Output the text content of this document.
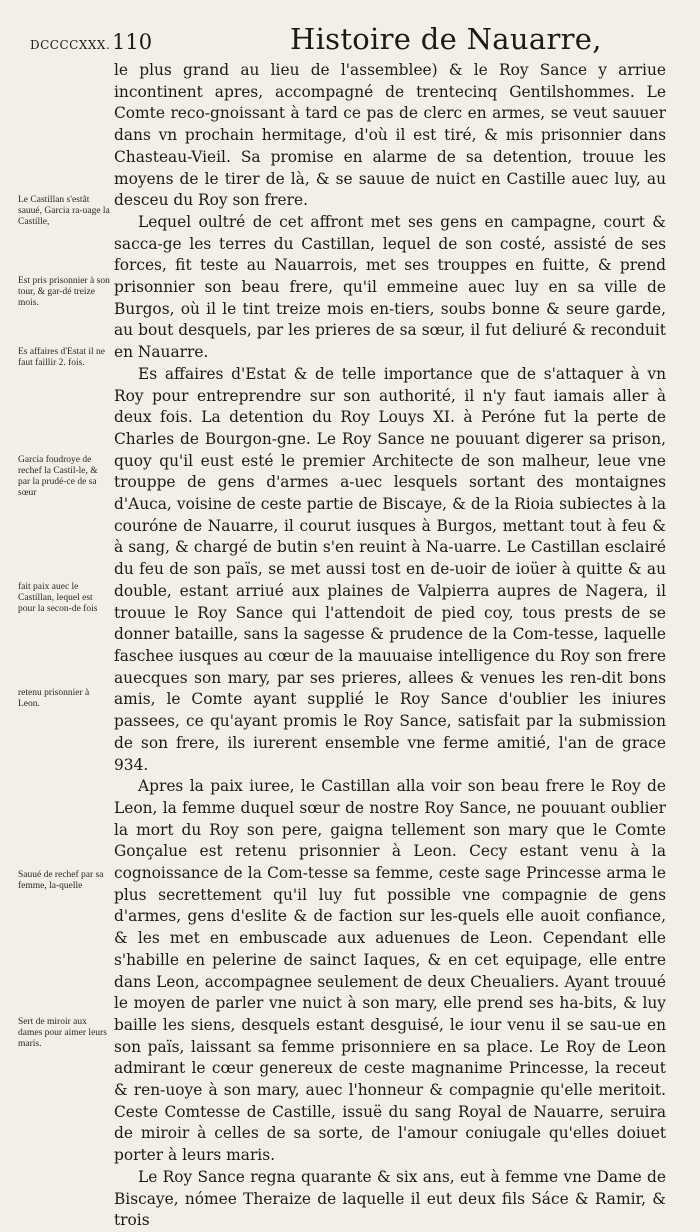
DCCCCXXX. 110	Histoire de Nauarre,
Le Castillan s'estãt sauué, Garcia ra-uage la Castille,
Est pris prisonnier à son tour, & gar-dé treize mois.
Es affaires d'Estat il ne faut faillir 2. fois.
Garcia foudroye de rechef la Castil-le, & par la prudé-ce de sa sœur
fait paix auec le Castillan, lequel est pour la secon-de fois
retenu prisonnier à Leon.
Sauué de rechef par sa femme, la-quelle
Sert de miroir aux dames pour aimer leurs maris.

le plus grand au lieu de l'assemblee) & le Roy Sance y arriue incontinent apres, accompagné de trentecinq Gentilshommes. Le Comte reco-gnoissant à tard ce pas de clerc en armes, se veut sauuer dans vn prochain hermitage, d'où il est tiré, & mis prisonnier dans Chasteau-Vieil. Sa promise en alarme de sa detention, trouue les moyens de le tirer de là, & se sauue de nuict en Castille auec luy, au desceu du Roy son frere.

Lequel oultré de cet affront met ses gens en campagne, court & sacca-ge les terres du Castillan, lequel de son costé, assisté de ses forces, fit teste au Nauarrois, met ses trouppes en fuitte, & prend prisonnier son beau frere, qu'il emmeine auec luy en sa ville de Burgos, où il le tint treize mois en-tiers, soubs bonne & seure garde, au bout desquels, par les prieres de sa sœur, il fut deliuré & reconduit en Nauarre.

Es affaires d'Estat & de telle importance que de s'attaquer à vn Roy pour entreprendre sur son authorité, il n'y faut iamais aller à deux fois. La detention du Roy Louys XI. à Peróne fut la perte de Charles de Bourgon-gne. Le Roy Sance ne pouuant digerer sa prison, quoy qu'il eust esté le premier Architecte de son malheur, leue vne trouppe de gens d'armes a-uec lesquels sortant des montaignes d'Auca, voisine de ceste partie de Biscaye, & de la Rioia subiectes à la couróne de Nauarre, il courut iusques à Burgos, mettant tout à feu & à sang, & chargé de butin s'en reuint à Na-uarre. Le Castillan esclairé du feu de son païs, se met aussi tost en de-uoir de ioüer à quitte & au double, estant arriué aux plaines de Valpierra aupres de Nagera, il trouue le Roy Sance qui l'attendoit de pied coy, tous prests de se donner bataille, sans la sagesse & prudence de la Com-tesse, laquelle fascheе iusques au cœur de la mauuaise intelligence du Roy son frere auecques son mary, par ses prieres, allees & venues les ren-dit bons amis, le Comte ayant supplié le Roy Sance d'oublier les iniures passees, ce qu'ayant promis le Roy Sance, satisfait par la submission de son frere, ils iurerent ensemble vne ferme amitié, l'an de grace 934.

Apres la paix iuree, le Castillan alla voir son beau frere le Roy de Leon, la femme duquel sœur de nostre Roy Sance, ne pouuant oublier la mort du Roy son pere, gaigna tellement son mary que le Comte Gonçalue est retenu prisonnier à Leon. Cecy estant venu à la cognoissance de la Com-tesse sa femme, ceste sage Princesse arma le plus secrettement qu'il luy fut possible vne compagnie de gens d'armes, gens d'eslite & de faction sur les-quels elle auoit confiance, & les met en embuscade aux aduenues de Leon. Cependant elle s'habille en pelerine de sainct Iaques, & en cet equipage, elle entre dans Leon, accompagnee seulement de deux Cheualiers. Ayant trouué le moyen de parler vne nuict à son mary, elle prend ses ha-bits, & luy baille les siens, desquels estant desguisé, le iour venu il se sau-ue en son païs, laissant sa femme prisonniere en sa place. Le Roy de Leon admirant le cœur genereux de ceste magnanime Princesse, la receut & ren-uoye à son mary, auec l'honneur & compagnie qu'elle meritoit. Ceste Comtesse de Castille, issuë du sang Royal de Nauarre, seruira de miroir à celles de sa sorte, de l'amour coniugale qu'elles doiuet porter à leurs maris.

Le Roy Sance regna quarante & six ans, eut à femme vne Dame de Biscaye, nómee Theraize de laquelle il eut deux fils Sáce & Ramir, & trois
